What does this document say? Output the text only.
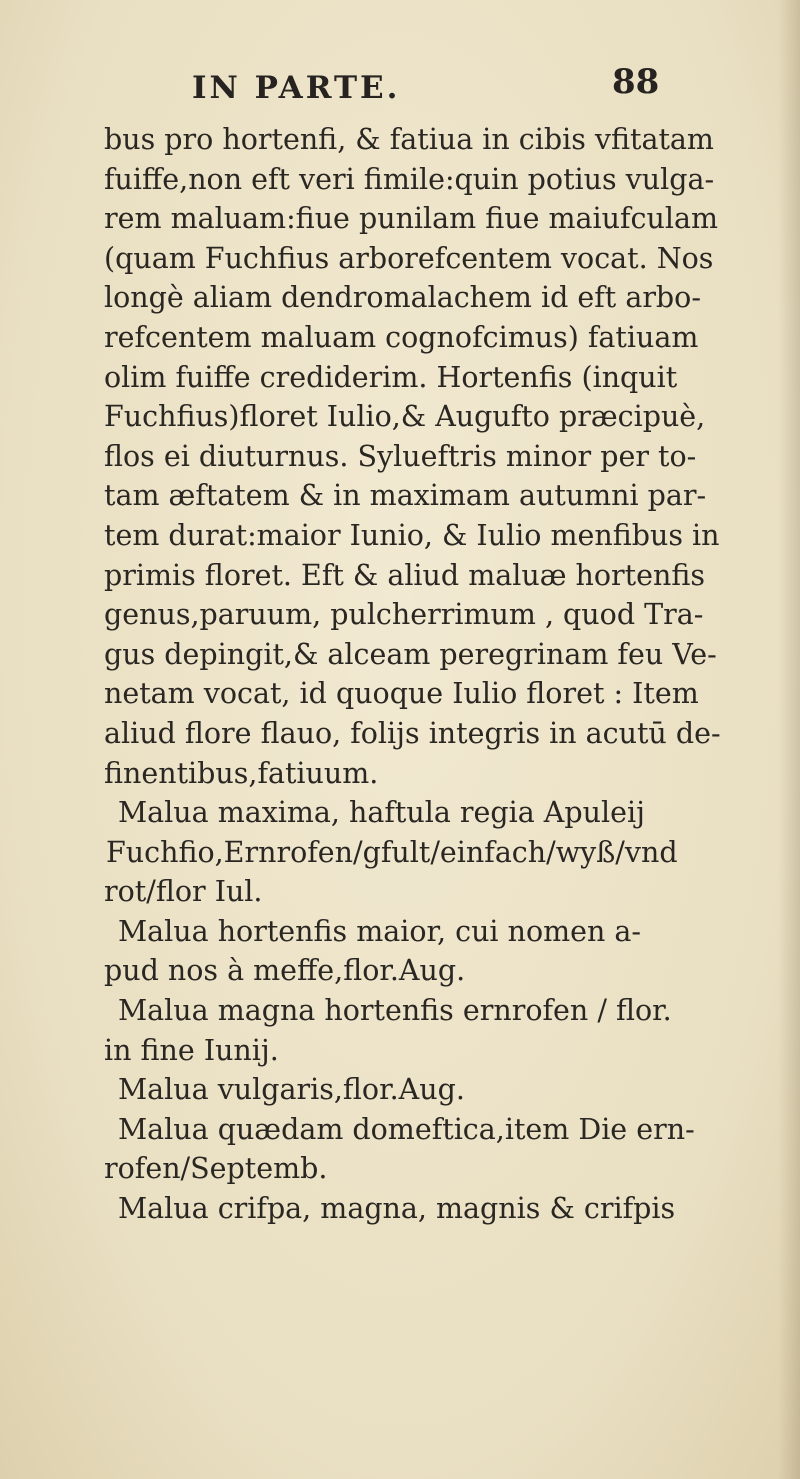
IN PARTE.	88
bus pro hortenfi, & fatiua in cibis vfitatam
fuiffe,non eft veri fimile:quin potius vulga-
rem maluam:fiue punilam fiue maiufculam
(quam Fuchfius arborefcentem vocat. Nos
longè aliam dendromalachem id eft arbo-
refcentem maluam cognofcimus) fatiuam
olim fuiffe crediderim. Hortenfis (inquit
Fuchfius)floret Iulio,& Augufto præcipuè,
flos ei diuturnus. Sylueftris minor per to-
tam æftatem & in maximam autumni par-
tem durat:maior Iunio, & Iulio menfibus in
primis floret. Eft & aliud maluæ hortenfis
genus,paruum, pulcherrimum , quod Tra-
gus depingit,& alceam peregrinam feu Ve-
netam vocat, id quoque Iulio floret : Item
aliud flore flauo, folijs integris in acutū de-
finentibus,fatiuum.
Malua maxima, haftula regia Apuleij
Fuchfio,Ernrofen/gfult/einfach/wyß/vnd
rot/flor Iul.
Malua hortenfis maior, cui nomen a-
pud nos à meffe,flor.Aug.
Malua magna hortenfis ernrofen / flor.
in fine Iunij.
Malua vulgaris,flor.Aug.
Malua quædam domeftica,item Die ern-
rofen/Septemb.
Malua crifpa, magna, magnis & crifpis
